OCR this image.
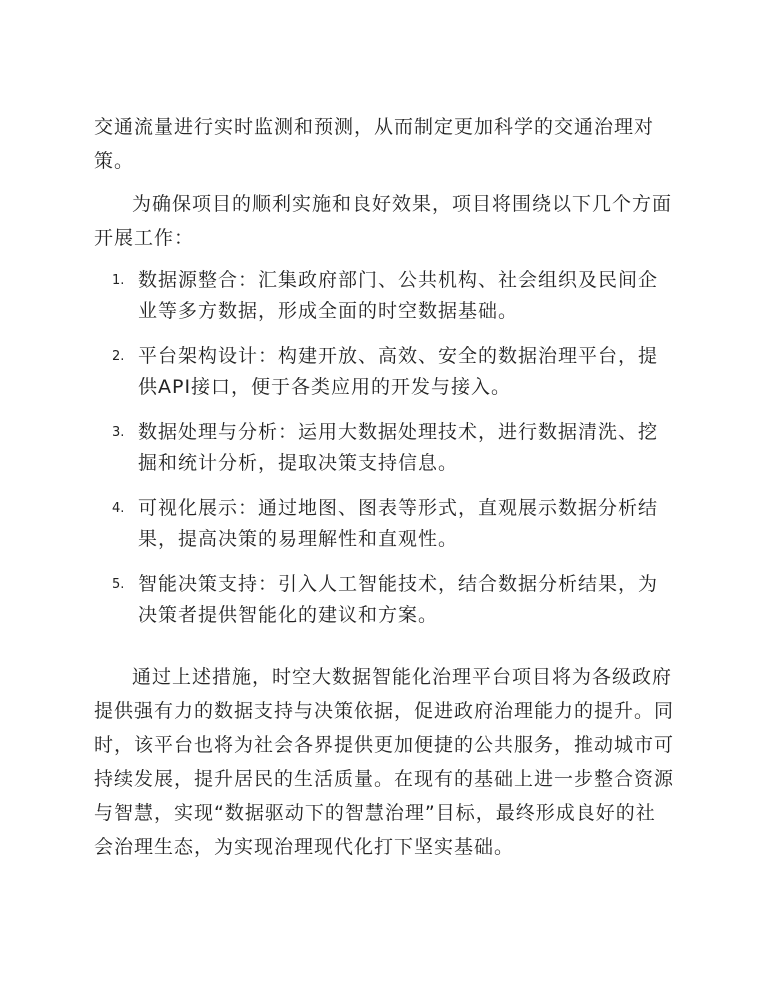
交通流量进行实时监测和预测，从而制定更加科学的交通治理对策。

为确保项目的顺利实施和良好效果，项目将围绕以下几个方面开展工作：

1. 数据源整合：汇集政府部门、公共机构、社会组织及民间企业等多方数据，形成全面的时空数据基础。
2. 平台架构设计：构建开放、高效、安全的数据治理平台，提供API接口，便于各类应用的开发与接入。
3. 数据处理与分析：运用大数据处理技术，进行数据清洗、挖掘和统计分析，提取决策支持信息。
4. 可视化展示：通过地图、图表等形式，直观展示数据分析结果，提高决策的易理解性和直观性。
5. 智能决策支持：引入人工智能技术，结合数据分析结果，为决策者提供智能化的建议和方案。

通过上述措施，时空大数据智能化治理平台项目将为各级政府提供强有力的数据支持与决策依据，促进政府治理能力的提升。同时，该平台也将为社会各界提供更加便捷的公共服务，推动城市可持续发展，提升居民的生活质量。在现有的基础上进一步整合资源与智慧，实现“数据驱动下的智慧治理”目标，最终形成良好的社会治理生态，为实现治理现代化打下坚实基础。
